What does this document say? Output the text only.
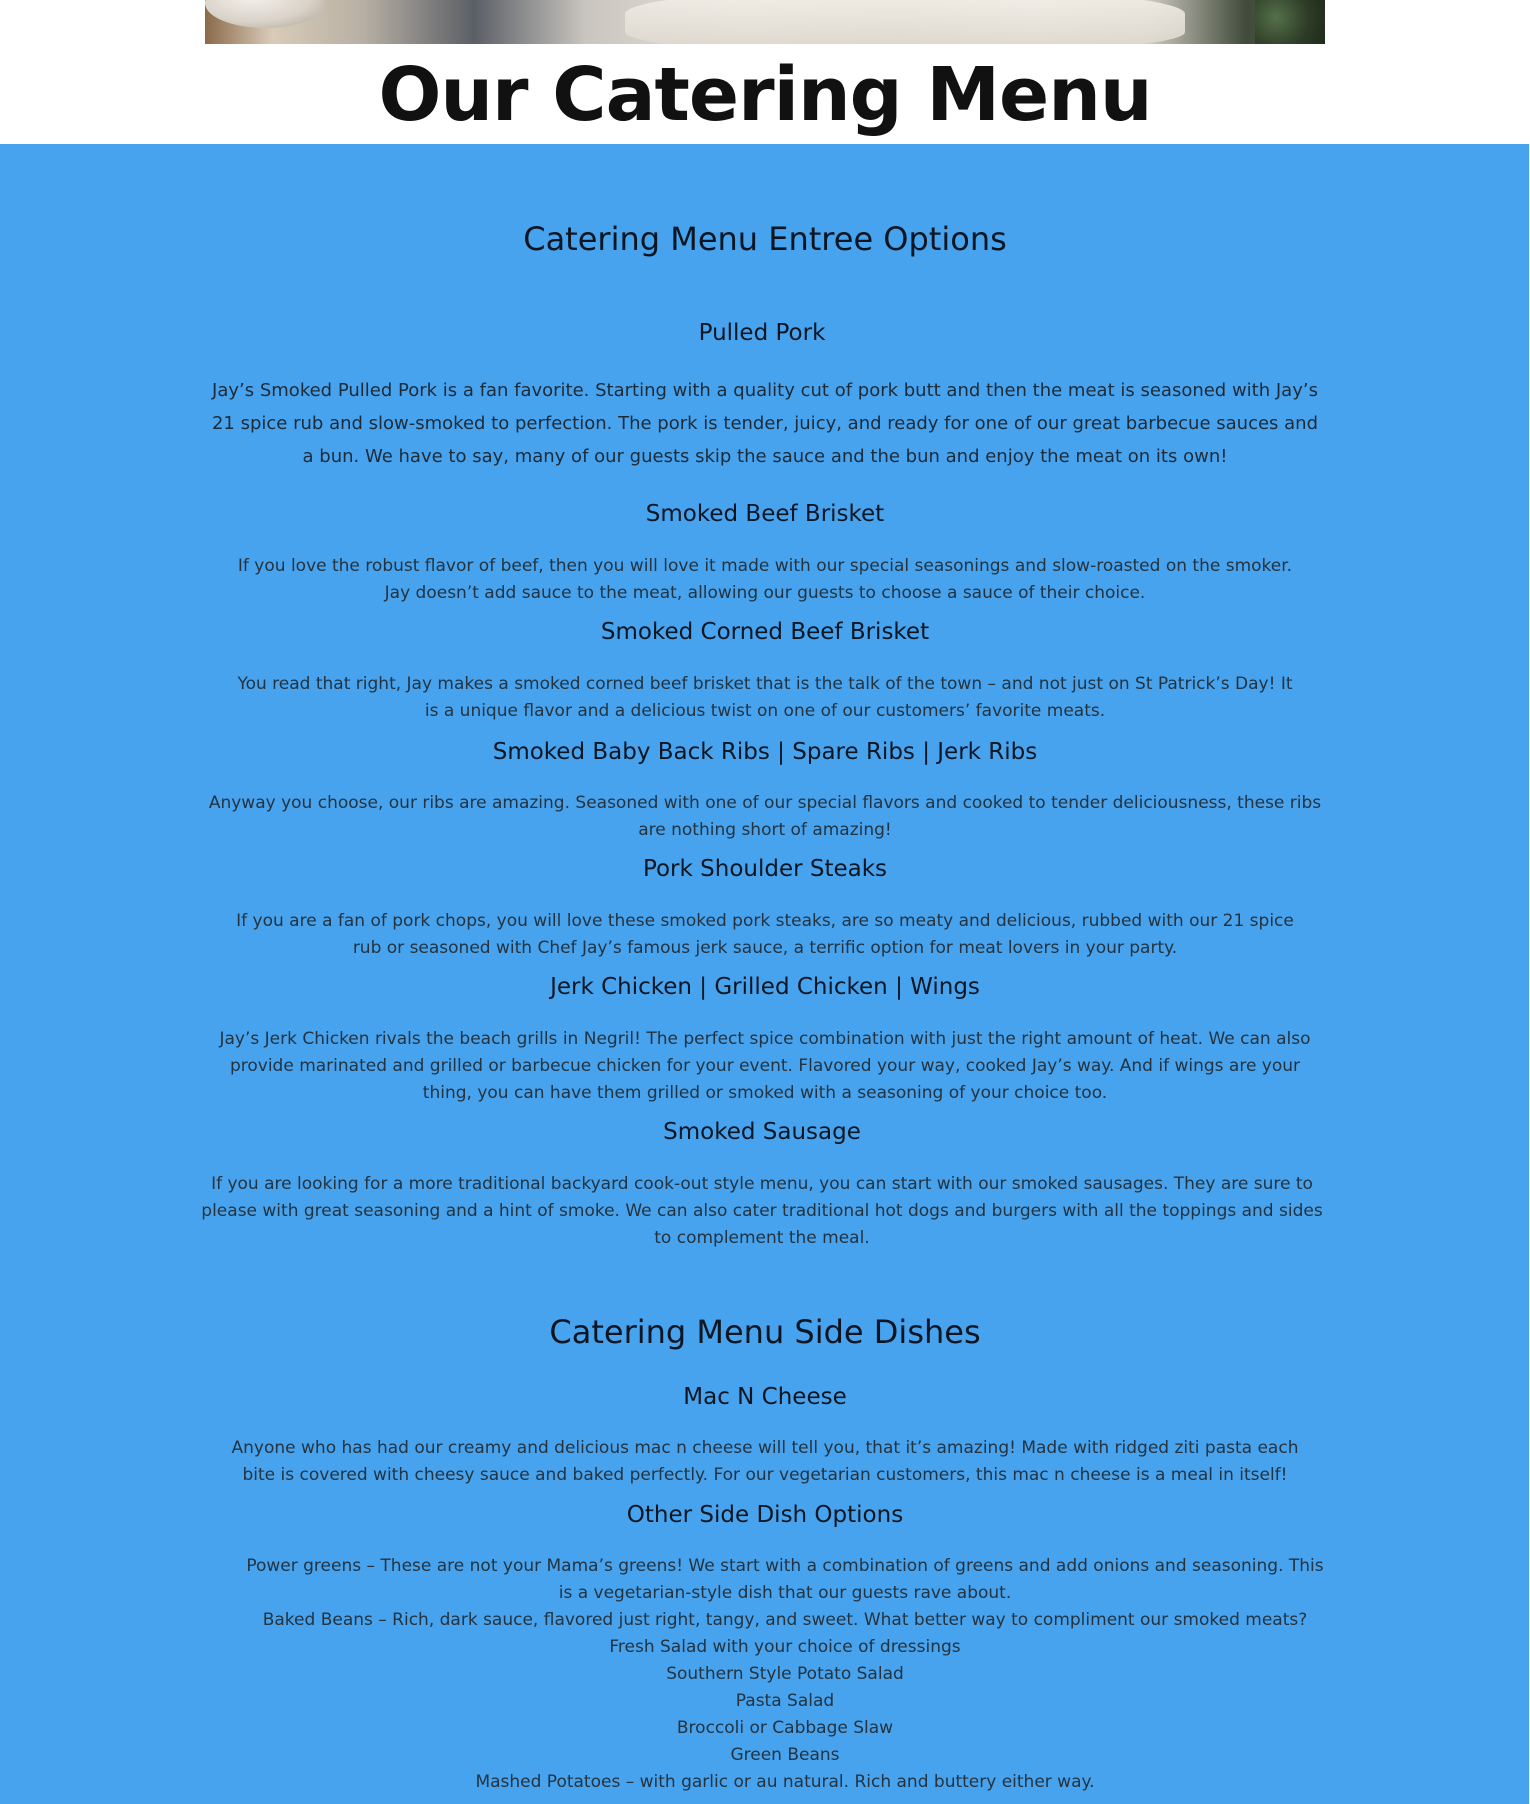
Our Catering Menu
Catering Menu Entree Options
Pulled Pork

Jay’s Smoked Pulled Pork is a fan favorite. Starting with a quality cut of pork butt and then the meat is seasoned with Jay’s 21 spice rub and slow-smoked to perfection. The pork is tender, juicy, and ready for one of our great barbecue sauces and a bun. We have to say, many of our guests skip the sauce and the bun and enjoy the meat on its own!

Smoked Beef Brisket

If you love the robust flavor of beef, then you will love it made with our special seasonings and slow-roasted on the smoker. Jay doesn’t add sauce to the meat, allowing our guests to choose a sauce of their choice.

Smoked Corned Beef Brisket

You read that right, Jay makes a smoked corned beef brisket that is the talk of the town – and not just on St Patrick’s Day! It is a unique flavor and a delicious twist on one of our customers’ favorite meats.

Smoked Baby Back Ribs | Spare Ribs | Jerk Ribs

Anyway you choose, our ribs are amazing. Seasoned with one of our special flavors and cooked to tender deliciousness, these ribs are nothing short of amazing!

Pork Shoulder Steaks

If you are a fan of pork chops, you will love these smoked pork steaks, are so meaty and delicious, rubbed with our 21 spice rub or seasoned with Chef Jay’s famous jerk sauce, a terrific option for meat lovers in your party.

Jerk Chicken | Grilled Chicken | Wings

Jay’s Jerk Chicken rivals the beach grills in Negril! The perfect spice combination with just the right amount of heat. We can also provide marinated and grilled or barbecue chicken for your event. Flavored your way, cooked Jay’s way. And if wings are your thing, you can have them grilled or smoked with a seasoning of your choice too.

Smoked Sausage

If you are looking for a more traditional backyard cook-out style menu, you can start with our smoked sausages. They are sure to please with great seasoning and a hint of smoke. We can also cater traditional hot dogs and burgers with all the toppings and sides to complement the meal.

Catering Menu Side Dishes
Mac N Cheese

Anyone who has had our creamy and delicious mac n cheese will tell you, that it’s amazing! Made with ridged ziti pasta each bite is covered with cheesy sauce and baked perfectly. For our vegetarian customers, this mac n cheese is a meal in itself!

Other Side Dish Options
Power greens – These are not your Mama’s greens! We start with a combination of greens and add onions and seasoning. This is a vegetarian-style dish that our guests rave about.
Baked Beans – Rich, dark sauce, flavored just right, tangy, and sweet. What better way to compliment our smoked meats?
Fresh Salad with your choice of dressings
Southern Style Potato Salad
Pasta Salad
Broccoli or Cabbage Slaw
Green Beans
Mashed Potatoes – with garlic or au natural. Rich and buttery either way.
